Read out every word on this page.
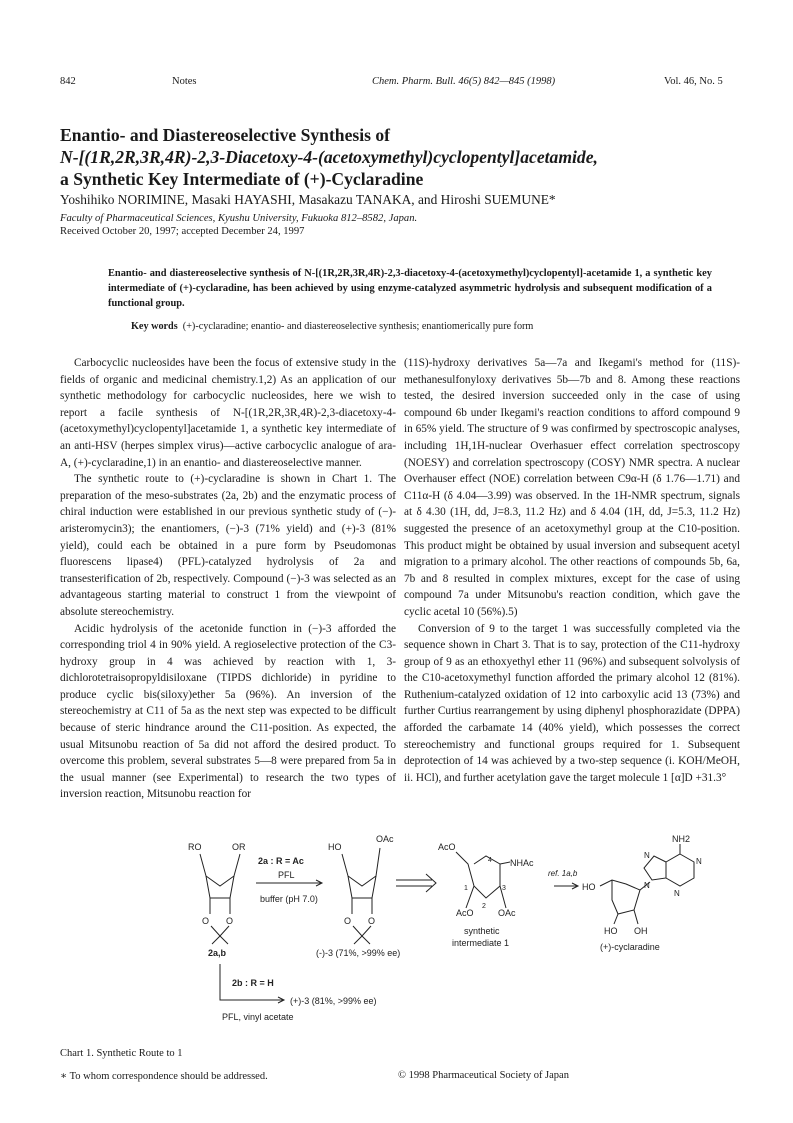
842	Notes	Chem. Pharm. Bull. 46(5) 842—845 (1998)	Vol. 46, No. 5
Enantio- and Diastereoselective Synthesis of
N-[(1R,2R,3R,4R)-2,3-Diacetoxy-4-(acetoxymethyl)cyclopentyl]acetamide,
a Synthetic Key Intermediate of (+)-Cyclaradine
Yoshihiko NORIMINE, Masaki HAYASHI, Masakazu TANAKA, and Hiroshi SUEMUNE*
Faculty of Pharmaceutical Sciences, Kyushu University, Fukuoka 812–8582, Japan.
Received October 20, 1997; accepted December 24, 1997
Enantio- and diastereoselective synthesis of N-[(1R,2R,3R,4R)-2,3-diacetoxy-4-(acetoxymethyl)cyclopentyl]-acetamide 1, a synthetic key intermediate of (+)-cyclaradine, has been achieved by using enzyme-catalyzed asymmetric hydrolysis and subsequent modification of a functional group.
Key words (+)-cyclaradine; enantio- and diastereoselective synthesis; enantiomerically pure form

Carbocyclic nucleosides have been the focus of extensive study in the fields of organic and medicinal chemistry.1,2) As an application of our synthetic methodology for carbocyclic nucleosides, here we wish to report a facile synthesis of N-[(1R,2R,3R,4R)-2,3-diacetoxy-4-(acetoxymethyl)cyclopentyl]acetamide 1, a synthetic key intermediate of an anti-HSV (herpes simplex virus)—active carbocyclic analogue of ara-A, (+)-cyclaradine,1) in an enantio- and diastereoselective manner.

The synthetic route to (+)-cyclaradine is shown in Chart 1. The preparation of the meso-substrates (2a, 2b) and the enzymatic process of chiral induction were established in our previous synthetic study of (−)-aristeromycin3); the enantiomers, (−)-3 (71% yield) and (+)-3 (81% yield), could each be obtained in a pure form by Pseudomonas fluorescens lipase4) (PFL)-catalyzed hydrolysis of 2a and transesterification of 2b, respectively. Compound (−)-3 was selected as an advantageous starting material to construct 1 from the viewpoint of absolute stereochemistry.

Acidic hydrolysis of the acetonide function in (−)-3 afforded the corresponding triol 4 in 90% yield. A regioselective protection of the C3-hydroxy group in 4 was achieved by reaction with 1, 3-dichlorotetraisopropyldisiloxane (TIPDS dichloride) in pyridine to produce cyclic bis(siloxy)ether 5a (96%). An inversion of the stereochemistry at C11 of 5a as the next step was expected to be difficult because of steric hindrance around the C11-position. As expected, the usual Mitsunobu reaction of 5a did not afford the desired product. To overcome this problem, several substrates 5—8 were prepared from 5a in the usual manner (see Experimental) to research the two types of inversion reaction, Mitsunobu reaction for

(11S)-hydroxy derivatives 5a—7a and Ikegami's method for (11S)-methanesulfonyloxy derivatives 5b—7b and 8. Among these reactions tested, the desired inversion succeeded only in the case of using compound 6b under Ikegami's reaction conditions to afford compound 9 in 65% yield. The structure of 9 was confirmed by spectroscopic analyses, including 1H,1H-nuclear Overhasuer effect correlation spectroscopy (NOESY) and correlation spectroscopy (COSY) NMR spectra. A nuclear Overhauser effect (NOE) correlation between C9α-H (δ 1.76—1.71) and C11α-H (δ 4.04—3.99) was observed. In the 1H-NMR spectrum, signals at δ 4.30 (1H, dd, J=8.3, 11.2 Hz) and δ 4.04 (1H, dd, J=5.3, 11.2 Hz) suggested the presence of an acetoxymethyl group at the C10-position. This product might be obtained by usual inversion and subsequent acetyl migration to a primary alcohol. The other reactions of compounds 5b, 6a, 7b and 8 resulted in complex mixtures, except for the case of using compound 7a under Mitsunobu's reaction condition, which gave the cyclic acetal 10 (56%).5)

Conversion of 9 to the target 1 was successfully completed via the sequence shown in Chart 3. That is to say, protection of the C11-hydroxy group of 9 as an ethoxyethyl ether 11 (96%) and subsequent solvolysis of the C10-acetoxymethyl function afforded the primary alcohol 12 (81%). Ruthenium-catalyzed oxidation of 12 into carboxylic acid 13 (73%) and further Curtius rearrangement by using diphenyl phosphorazidate (DPPA) afforded the carbamate 14 (40% yield), which possesses the correct stereochemistry and functional groups required for 1. Subsequent deprotection of 14 was achieved by a two-step sequence (i. KOH/MeOH, ii. HCl), and further acetylation gave the target molecule 1 [α]D +31.3°

RO	OR
O O
2a,b
2a : R = Ac
PFL
buffer (pH 7.0)
HO
OAc
O O
(-)-3 (71%, >99% ee)
AcO
4 NHAc
1	3
2
AcO	OAc
synthetic
intermediate 1
ref. 1a,b
NH2
N
N
N
N
HO
HO OH
(+)-cyclaradine
2b : R = H
(+)-3 (81%, >99% ee)
PFL, vinyl acetate
Chart 1. Synthetic Route to 1
∗ To whom correspondence should be addressed.	© 1998 Pharmaceutical Society of Japan
